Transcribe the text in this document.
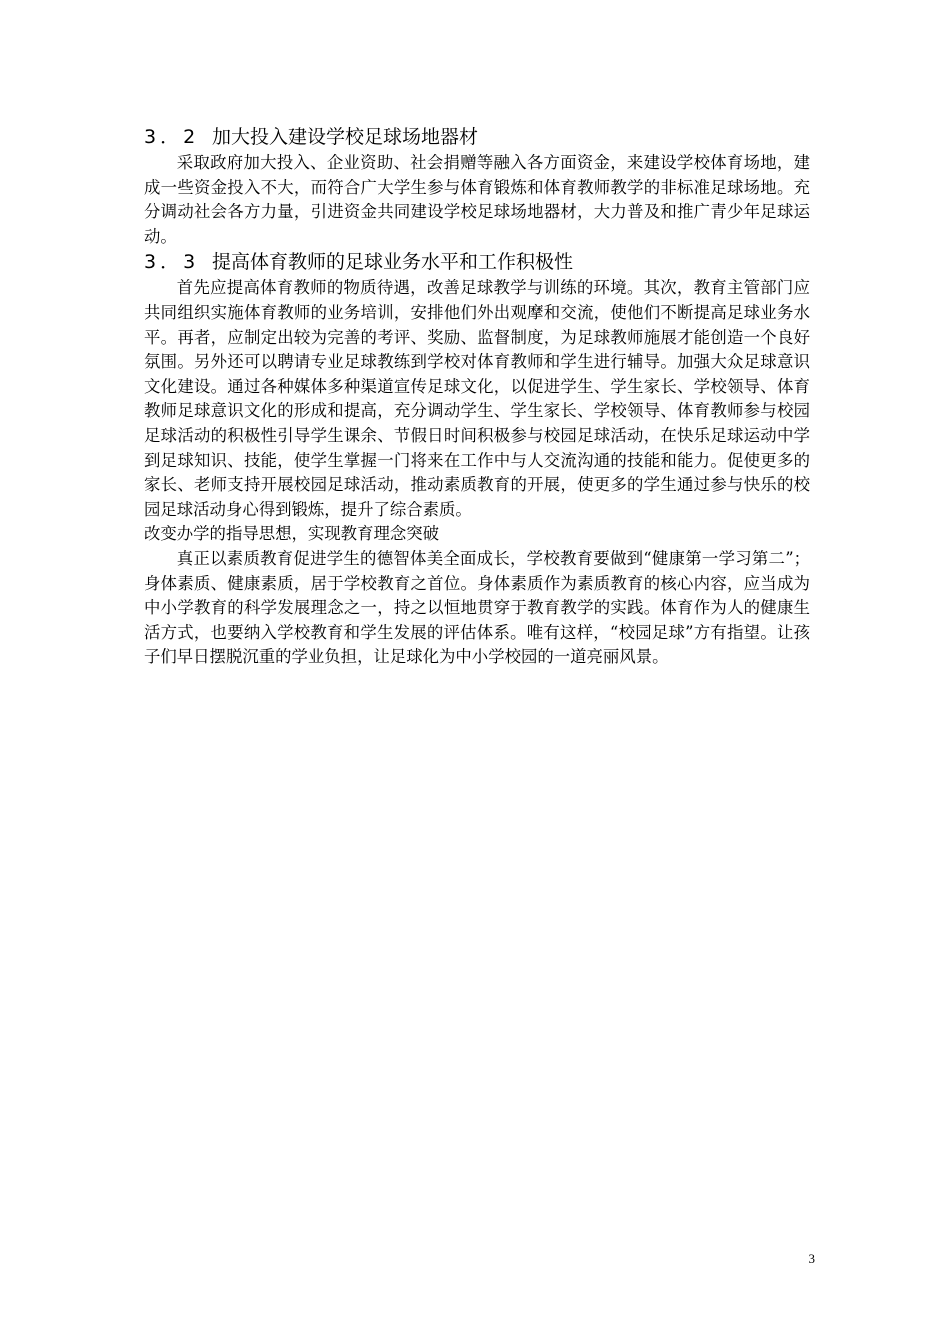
3．2 加大投入建设学校足球场地器材

采取政府加大投入、企业资助、社会捐赠等融入各方面资金，来建设学校体育场地，建成一些资金投入不大，而符合广大学生参与体育锻炼和体育教师教学的非标准足球场地。充分调动社会各方力量，引进资金共同建设学校足球场地器材，大力普及和推广青少年足球运动。

3．3 提高体育教师的足球业务水平和工作积极性

首先应提高体育教师的物质待遇，改善足球教学与训练的环境。其次，教育主管部门应共同组织实施体育教师的业务培训，安排他们外出观摩和交流，使他们不断提高足球业务水平。再者，应制定出较为完善的考评、奖励、监督制度，为足球教师施展才能创造一个良好氛围。另外还可以聘请专业足球教练到学校对体育教师和学生进行辅导。加强大众足球意识文化建设。通过各种媒体多种渠道宣传足球文化，以促进学生、学生家长、学校领导、体育教师足球意识文化的形成和提高，充分调动学生、学生家长、学校领导、体育教师参与校园足球活动的积极性引导学生课余、节假日时间积极参与校园足球活动，在快乐足球运动中学到足球知识、技能，使学生掌握一门将来在工作中与人交流沟通的技能和能力。促使更多的家长、老师支持开展校园足球活动，推动素质教育的开展，使更多的学生通过参与快乐的校园足球活动身心得到锻炼，提升了综合素质。

改变办学的指导思想，实现教育理念突破

真正以素质教育促进学生的德智体美全面成长，学校教育要做到“健康第一学习第二”；身体素质、健康素质，居于学校教育之首位。身体素质作为素质教育的核心内容，应当成为中小学教育的科学发展理念之一，持之以恒地贯穿于教育教学的实践。体育作为人的健康生活方式，也要纳入学校教育和学生发展的评估体系。唯有这样，“校园足球”方有指望。让孩子们早日摆脱沉重的学业负担，让足球化为中小学校园的一道亮丽风景。

3
